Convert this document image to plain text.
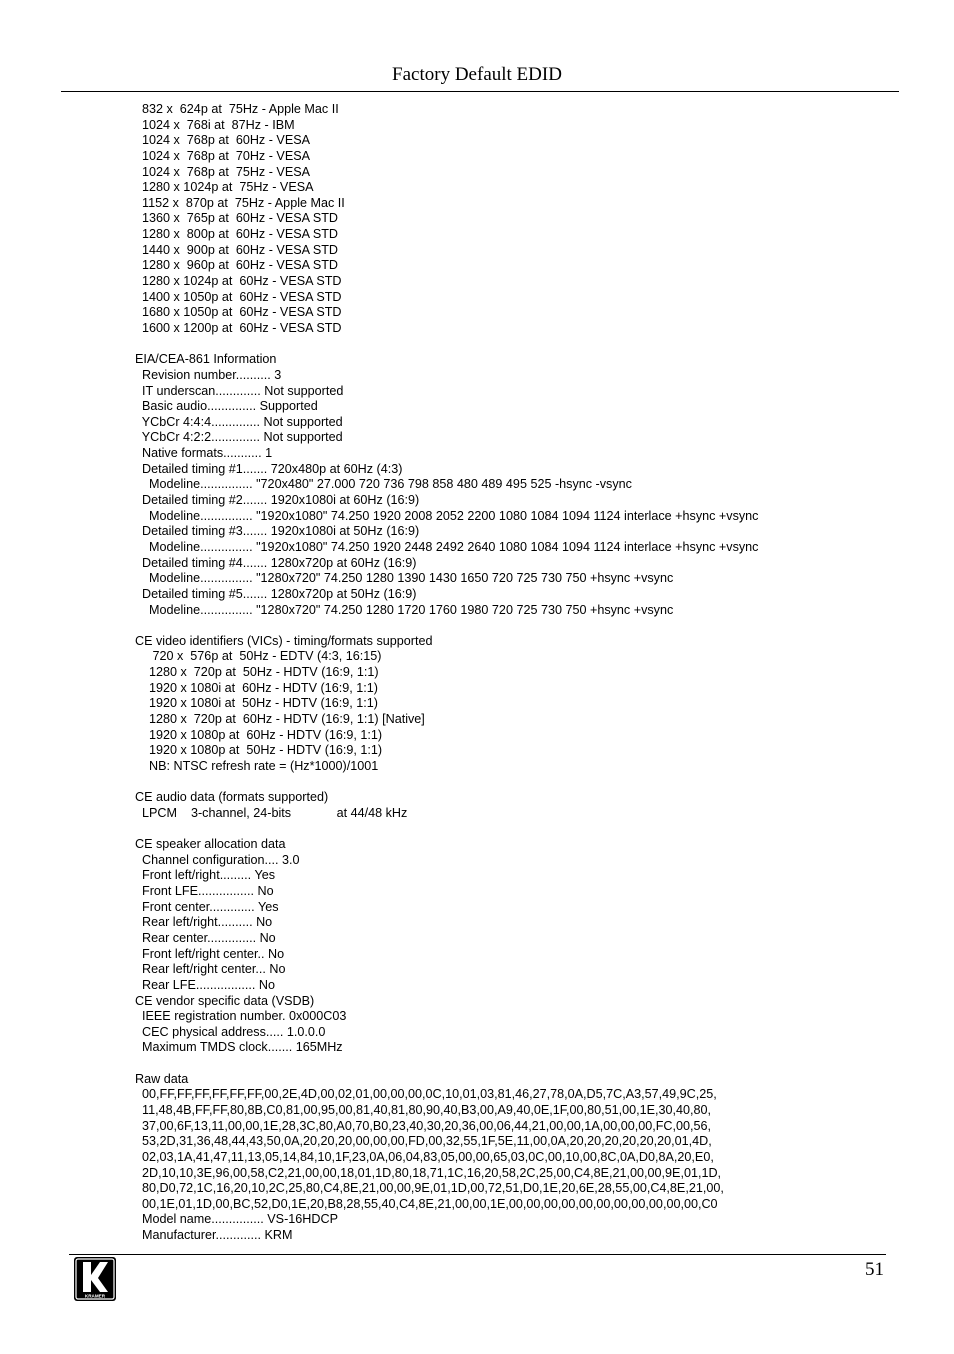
Factory Default EDID
832 x  624p at  75Hz - Apple Mac II
1024 x  768i at  87Hz - IBM
1024 x  768p at  60Hz - VESA
1024 x  768p at  70Hz - VESA
1024 x  768p at  75Hz - VESA
1280 x 1024p at  75Hz - VESA
1152 x  870p at  75Hz - Apple Mac II
1360 x  765p at  60Hz - VESA STD
1280 x  800p at  60Hz - VESA STD
1440 x  900p at  60Hz - VESA STD
1280 x  960p at  60Hz - VESA STD
1280 x 1024p at  60Hz - VESA STD
1400 x 1050p at  60Hz - VESA STD
1680 x 1050p at  60Hz - VESA STD
1600 x 1200p at  60Hz - VESA STD

EIA/CEA-861 Information
Revision number.......... 3
IT underscan............. Not supported
Basic audio.............. Supported
YCbCr 4:4:4.............. Not supported
YCbCr 4:2:2.............. Not supported
Native formats........... 1
Detailed timing #1....... 720x480p at 60Hz (4:3)
Modeline............... "720x480" 27.000 720 736 798 858 480 489 495 525 -hsync -vsync
Detailed timing #2....... 1920x1080i at 60Hz (16:9)
Modeline............... "1920x1080" 74.250 1920 2008 2052 2200 1080 1084 1094 1124 interlace +hsync +vsync
Detailed timing #3....... 1920x1080i at 50Hz (16:9)
Modeline............... "1920x1080" 74.250 1920 2448 2492 2640 1080 1084 1094 1124 interlace +hsync +vsync
Detailed timing #4....... 1280x720p at 60Hz (16:9)
Modeline............... "1280x720" 74.250 1280 1390 1430 1650 720 725 730 750 +hsync +vsync
Detailed timing #5....... 1280x720p at 50Hz (16:9)
Modeline............... "1280x720" 74.250 1280 1720 1760 1980 720 725 730 750 +hsync +vsync

CE video identifiers (VICs) - timing/formats supported
720 x  576p at  50Hz - EDTV (4:3, 16:15)
1280 x  720p at  50Hz - HDTV (16:9, 1:1)
1920 x 1080i at  60Hz - HDTV (16:9, 1:1)
1920 x 1080i at  50Hz - HDTV (16:9, 1:1)
1280 x  720p at  60Hz - HDTV (16:9, 1:1) [Native]
1920 x 1080p at  60Hz - HDTV (16:9, 1:1)
1920 x 1080p at  50Hz - HDTV (16:9, 1:1)
NB: NTSC refresh rate = (Hz*1000)/1001

CE audio data (formats supported)
LPCM    3-channel, 24-bits             at 44/48 kHz

CE speaker allocation data
Channel configuration.... 3.0
Front left/right......... Yes
Front LFE................ No
Front center............. Yes
Rear left/right.......... No
Rear center.............. No
Front left/right center.. No
Rear left/right center... No
Rear LFE................. No
CE vendor specific data (VSDB)
IEEE registration number. 0x000C03
CEC physical address..... 1.0.0.0
Maximum TMDS clock....... 165MHz

Raw data
00,FF,FF,FF,FF,FF,FF,00,2E,4D,00,02,01,00,00,00,0C,10,01,03,81,46,27,78,0A,D5,7C,A3,57,49,9C,25,
11,48,4B,FF,FF,80,8B,C0,81,00,95,00,81,40,81,80,90,40,B3,00,A9,40,0E,1F,00,80,51,00,1E,30,40,80,
37,00,6F,13,11,00,00,1E,28,3C,80,A0,70,B0,23,40,30,20,36,00,06,44,21,00,00,1A,00,00,00,FC,00,56,
53,2D,31,36,48,44,43,50,0A,20,20,20,00,00,00,FD,00,32,55,1F,5E,11,00,0A,20,20,20,20,20,20,01,4D,
02,03,1A,41,47,11,13,05,14,84,10,1F,23,0A,06,04,83,05,00,00,65,03,0C,00,10,00,8C,0A,D0,8A,20,E0,
2D,10,10,3E,96,00,58,C2,21,00,00,18,01,1D,80,18,71,1C,16,20,58,2C,25,00,C4,8E,21,00,00,9E,01,1D,
80,D0,72,1C,16,20,10,2C,25,80,C4,8E,21,00,00,9E,01,1D,00,72,51,D0,1E,20,6E,28,55,00,C4,8E,21,00,
00,1E,01,1D,00,BC,52,D0,1E,20,B8,28,55,40,C4,8E,21,00,00,1E,00,00,00,00,00,00,00,00,00,00,00,C0
Model name............... VS-16HDCP
Manufacturer............. KRM
KRAMER
51
